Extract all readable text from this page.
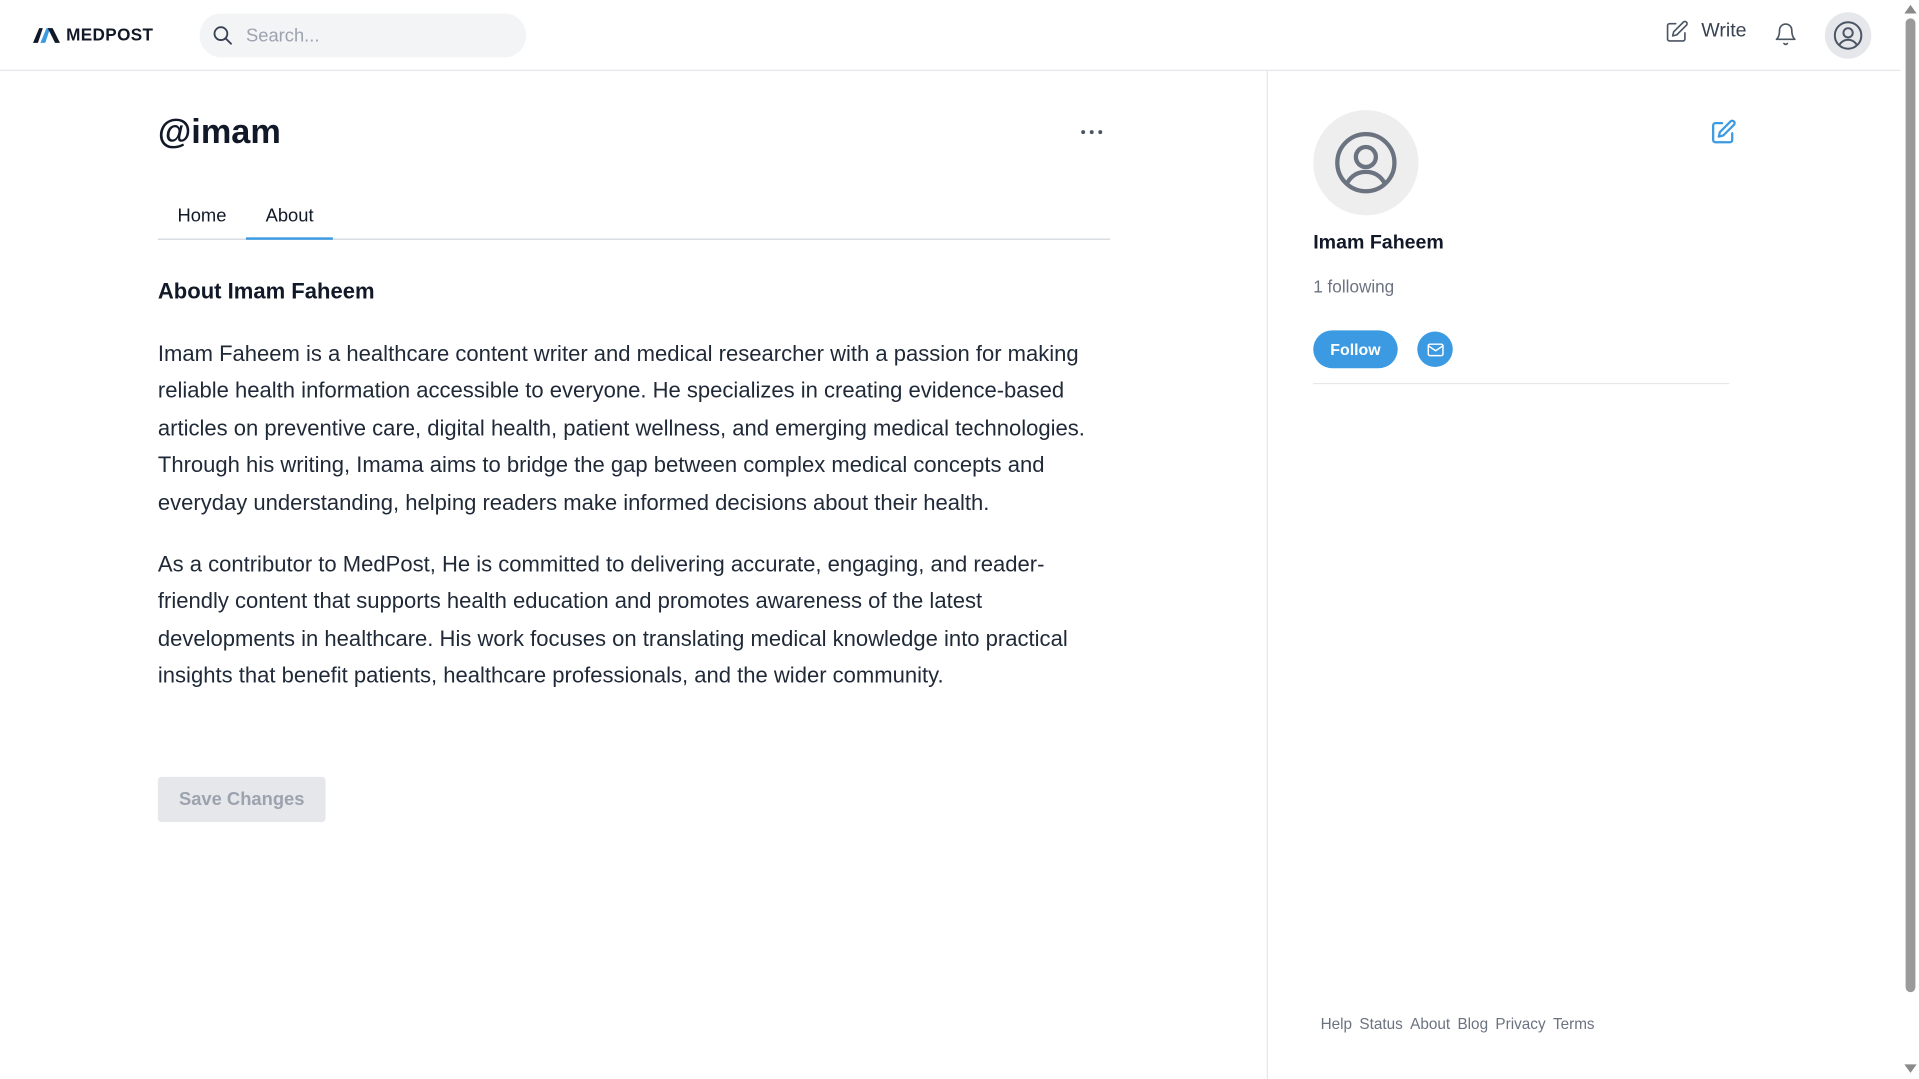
MEDPOST
Search...	Write
@imam
Home	About
About Imam Faheem

Imam Faheem is a healthcare content writer and medical researcher with a passion for making reliable health information accessible to everyone. He specializes in creating evidence-based articles on preventive care, digital health, patient wellness, and emerging medical technologies. Through his writing, Imama aims to bridge the gap between complex medical concepts and everyday understanding, helping readers make informed decisions about their health.

As a contributor to MedPost, He is committed to delivering accurate, engaging, and reader-friendly content that supports health education and promotes awareness of the latest developments in healthcare. His work focuses on translating medical knowledge into practical insights that benefit patients, healthcare professionals, and the wider community.

Save Changes
Imam Faheem
1 following
Follow
Help Status About Blog Privacy Terms
